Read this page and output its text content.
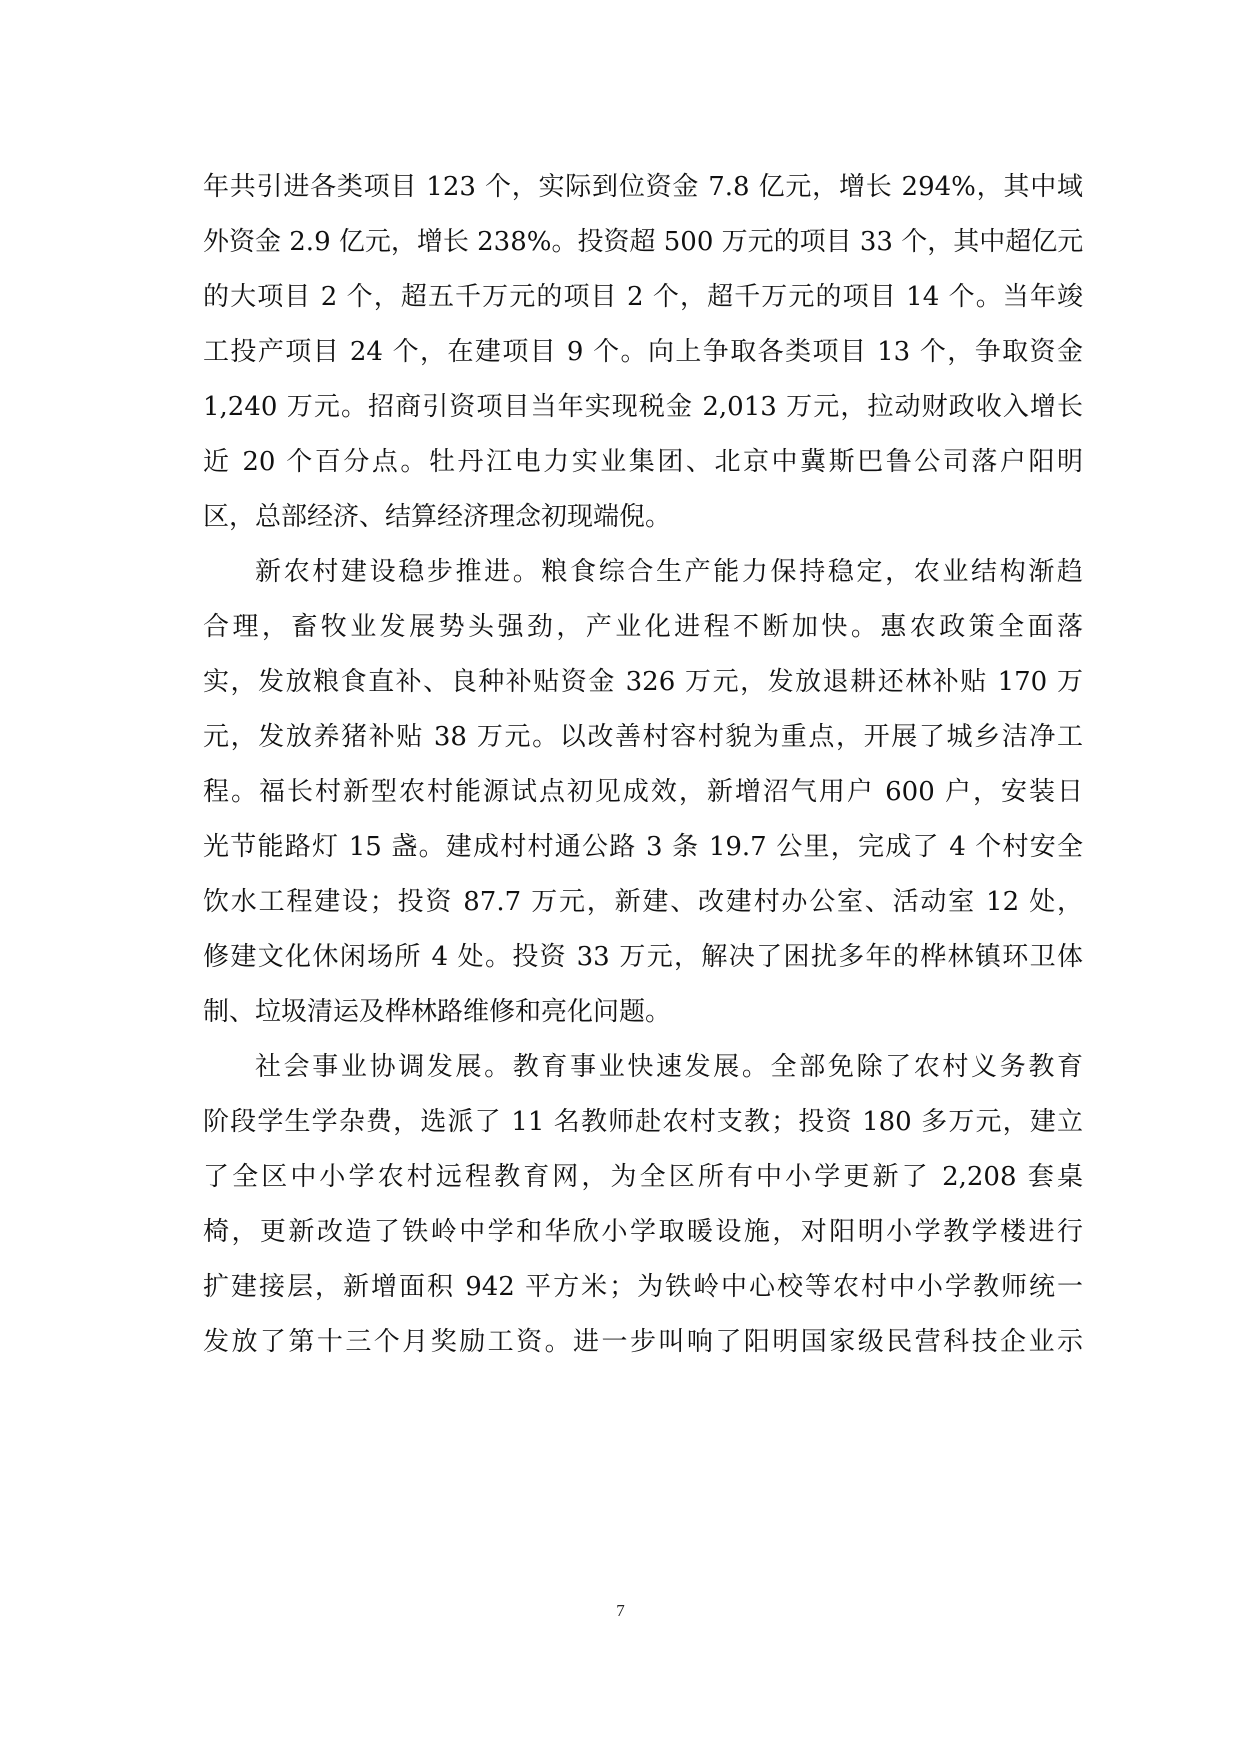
年共引进各类项目 123 个，实际到位资金 7.8 亿元，增长 294%，其中域
外资金 2.9 亿元，增长 238%。投资超 500 万元的项目 33 个，其中超亿元
的大项目 2 个，超五千万元的项目 2 个，超千万元的项目 14 个。当年竣
工投产项目 24 个，在建项目 9 个。向上争取各类项目 13 个，争取资金
1,240 万元。招商引资项目当年实现税金 2,013 万元，拉动财政收入增长
近 20 个百分点。牡丹江电力实业集团、北京中冀斯巴鲁公司落户阳明
区，总部经济、结算经济理念初现端倪。
新农村建设稳步推进。粮食综合生产能力保持稳定，农业结构渐趋
合理，畜牧业发展势头强劲，产业化进程不断加快。惠农政策全面落
实，发放粮食直补、良种补贴资金 326 万元，发放退耕还林补贴 170 万
元，发放养猪补贴 38 万元。以改善村容村貌为重点，开展了城乡洁净工
程。福长村新型农村能源试点初见成效，新增沼气用户 600 户，安装日
光节能路灯 15 盏。建成村村通公路 3 条 19.7 公里，完成了 4 个村安全
饮水工程建设；投资 87.7 万元，新建、改建村办公室、活动室 12 处，
修建文化休闲场所 4 处。投资 33 万元，解决了困扰多年的桦林镇环卫体
制、垃圾清运及桦林路维修和亮化问题。
社会事业协调发展。教育事业快速发展。全部免除了农村义务教育
阶段学生学杂费，选派了 11 名教师赴农村支教；投资 180 多万元，建立
了全区中小学农村远程教育网，为全区所有中小学更新了 2,208 套桌
椅，更新改造了铁岭中学和华欣小学取暖设施，对阳明小学教学楼进行
扩建接层，新增面积 942 平方米；为铁岭中心校等农村中小学教师统一
发放了第十三个月奖励工资。进一步叫响了阳明国家级民营科技企业示
7
